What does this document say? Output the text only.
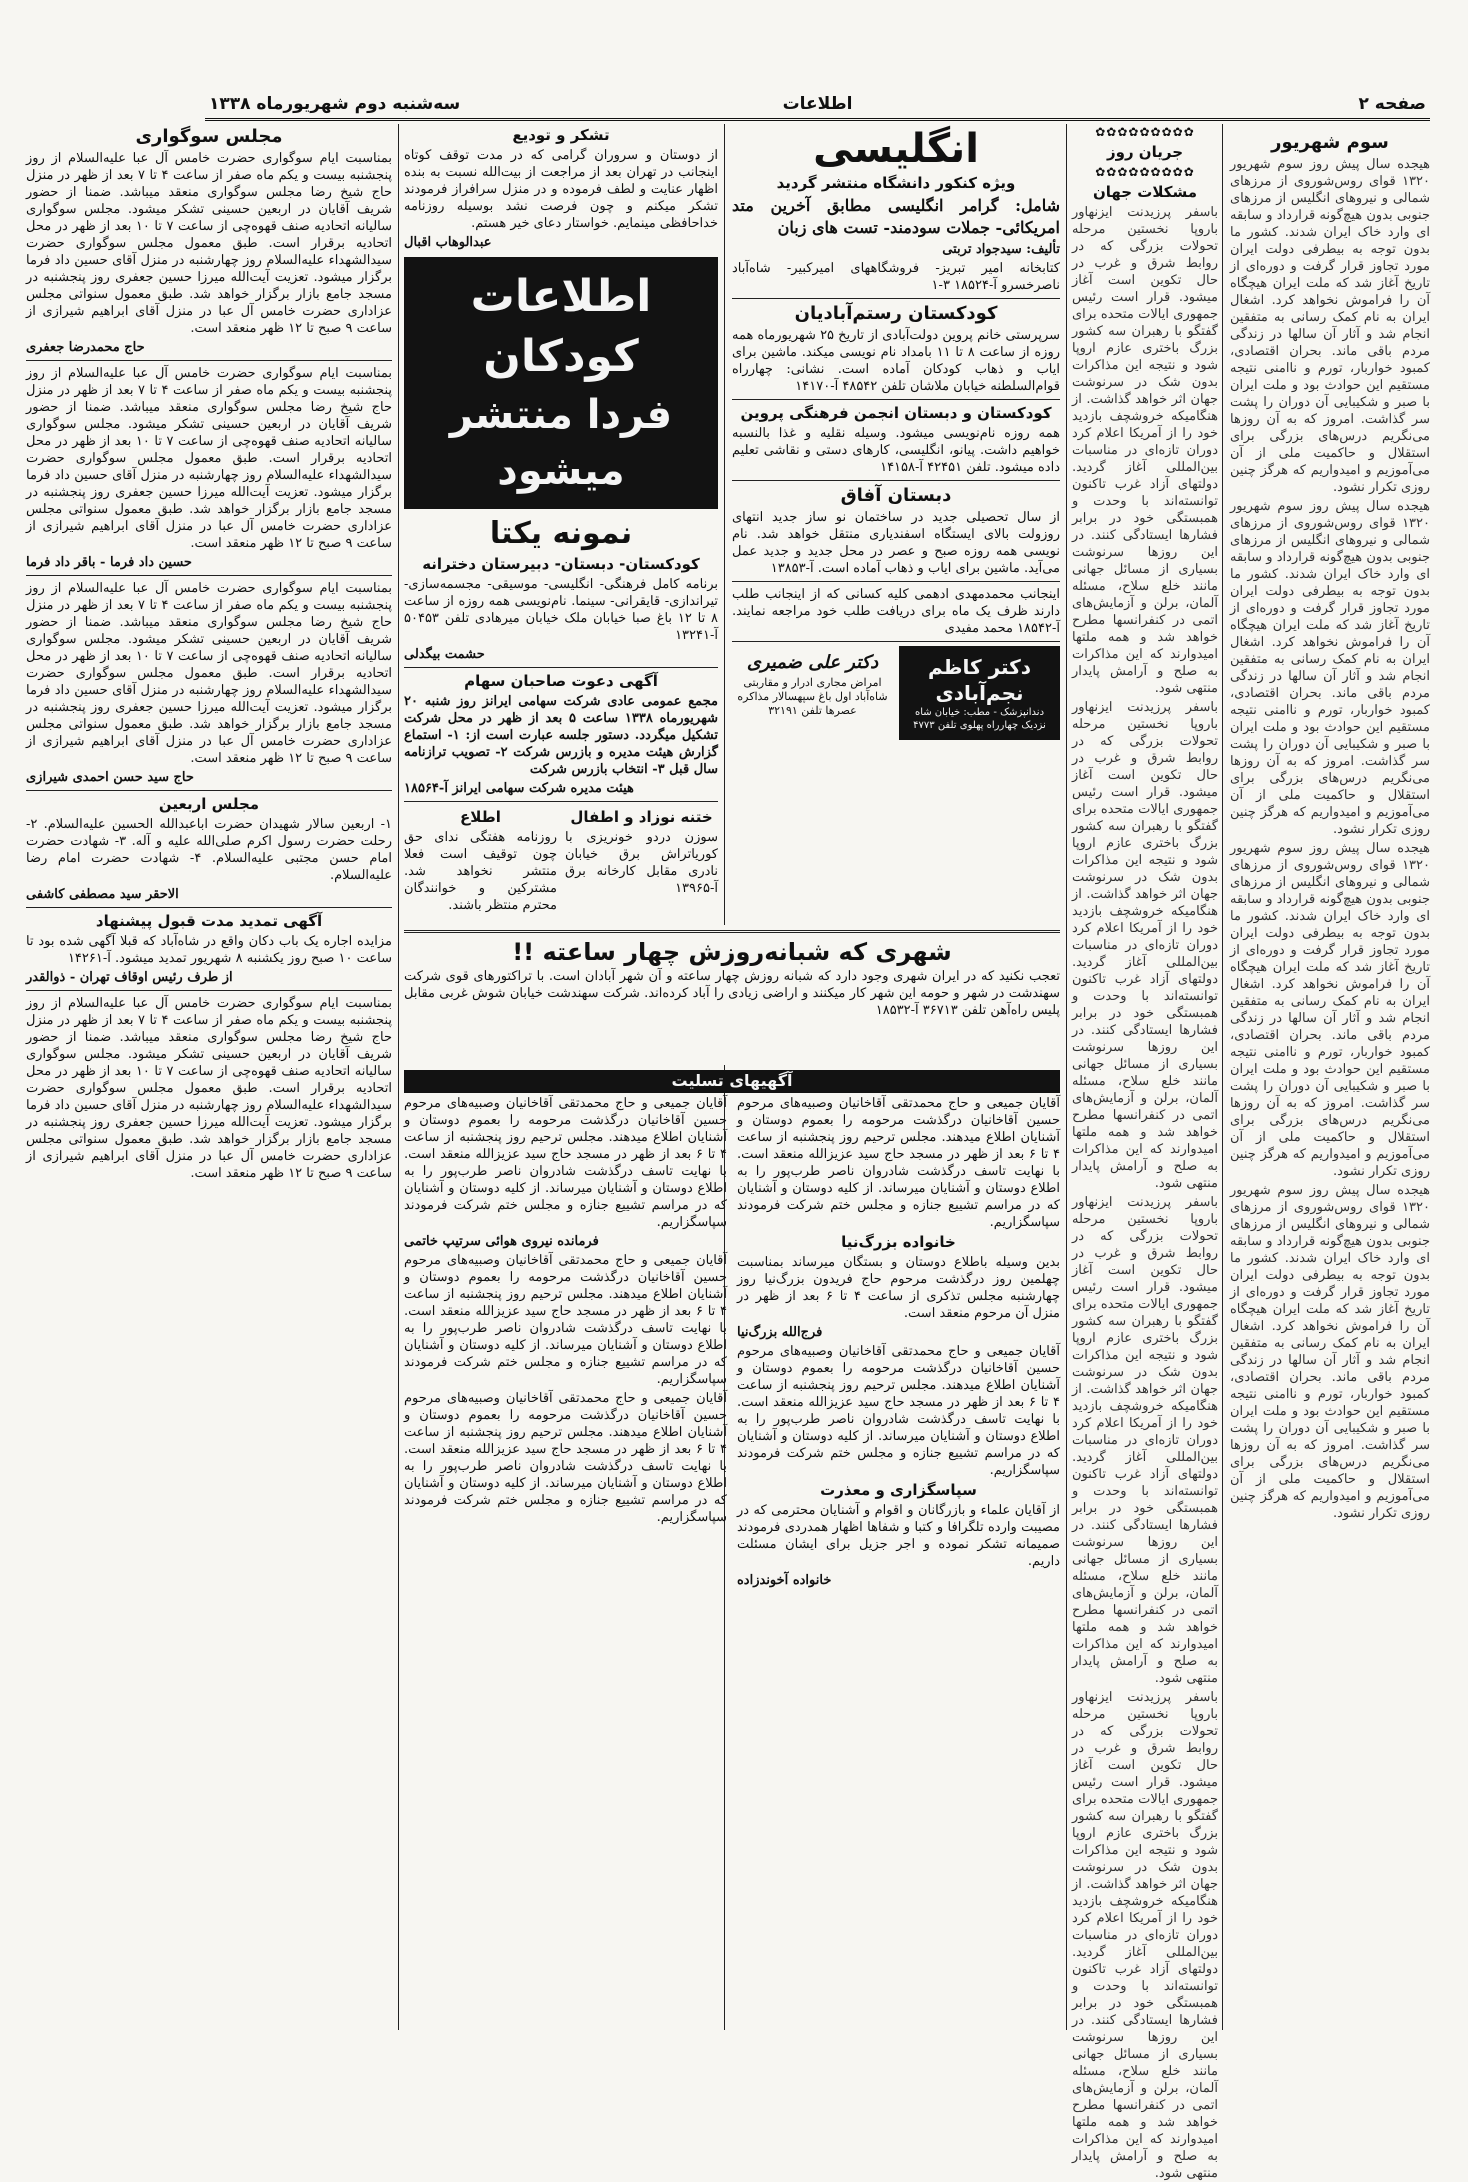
صفحه ۲
اطلاعات
سه‌شنبه دوم شهریورماه ۱۳۳۸
سوم شهریور

هیجده سال پیش روز سوم شهریور ۱۳۲۰ قوای روس‌شوروی از مرزهای شمالی و نیروهای انگلیس از مرزهای جنوبی بدون هیچ‌گونه قرارداد و سابقه ای وارد خاک ایران شدند. کشور ما بدون توجه به بیطرفی دولت ایران مورد تجاوز قرار گرفت و دوره‌ای از تاریخ آغاز شد که ملت ایران هیچگاه آن را فراموش نخواهد کرد. اشغال ایران به نام کمک رسانی به متفقین انجام شد و آثار آن سالها در زندگی مردم باقی ماند. بحران اقتصادی، کمبود خواربار، تورم و ناامنی نتیجه مستقیم این حوادث بود و ملت ایران با صبر و شکیبایی آن دوران را پشت سر گذاشت. امروز که به آن روزها می‌نگریم درس‌های بزرگی برای استقلال و حاکمیت ملی از آن می‌آموزیم و امیدواریم که هرگز چنین روزی تکرار نشود.

هیجده سال پیش روز سوم شهریور ۱۳۲۰ قوای روس‌شوروی از مرزهای شمالی و نیروهای انگلیس از مرزهای جنوبی بدون هیچ‌گونه قرارداد و سابقه ای وارد خاک ایران شدند. کشور ما بدون توجه به بیطرفی دولت ایران مورد تجاوز قرار گرفت و دوره‌ای از تاریخ آغاز شد که ملت ایران هیچگاه آن را فراموش نخواهد کرد. اشغال ایران به نام کمک رسانی به متفقین انجام شد و آثار آن سالها در زندگی مردم باقی ماند. بحران اقتصادی، کمبود خواربار، تورم و ناامنی نتیجه مستقیم این حوادث بود و ملت ایران با صبر و شکیبایی آن دوران را پشت سر گذاشت. امروز که به آن روزها می‌نگریم درس‌های بزرگی برای استقلال و حاکمیت ملی از آن می‌آموزیم و امیدواریم که هرگز چنین روزی تکرار نشود.

هیجده سال پیش روز سوم شهریور ۱۳۲۰ قوای روس‌شوروی از مرزهای شمالی و نیروهای انگلیس از مرزهای جنوبی بدون هیچ‌گونه قرارداد و سابقه ای وارد خاک ایران شدند. کشور ما بدون توجه به بیطرفی دولت ایران مورد تجاوز قرار گرفت و دوره‌ای از تاریخ آغاز شد که ملت ایران هیچگاه آن را فراموش نخواهد کرد. اشغال ایران به نام کمک رسانی به متفقین انجام شد و آثار آن سالها در زندگی مردم باقی ماند. بحران اقتصادی، کمبود خواربار، تورم و ناامنی نتیجه مستقیم این حوادث بود و ملت ایران با صبر و شکیبایی آن دوران را پشت سر گذاشت. امروز که به آن روزها می‌نگریم درس‌های بزرگی برای استقلال و حاکمیت ملی از آن می‌آموزیم و امیدواریم که هرگز چنین روزی تکرار نشود.

هیجده سال پیش روز سوم شهریور ۱۳۲۰ قوای روس‌شوروی از مرزهای شمالی و نیروهای انگلیس از مرزهای جنوبی بدون هیچ‌گونه قرارداد و سابقه ای وارد خاک ایران شدند. کشور ما بدون توجه به بیطرفی دولت ایران مورد تجاوز قرار گرفت و دوره‌ای از تاریخ آغاز شد که ملت ایران هیچگاه آن را فراموش نخواهد کرد. اشغال ایران به نام کمک رسانی به متفقین انجام شد و آثار آن سالها در زندگی مردم باقی ماند. بحران اقتصادی، کمبود خواربار، تورم و ناامنی نتیجه مستقیم این حوادث بود و ملت ایران با صبر و شکیبایی آن دوران را پشت سر گذاشت. امروز که به آن روزها می‌نگریم درس‌های بزرگی برای استقلال و حاکمیت ملی از آن می‌آموزیم و امیدواریم که هرگز چنین روزی تکرار نشود.

✿✿✿✿✿✿✿✿✿
جریان روز
✿✿✿✿✿✿✿✿✿
مشکلات جهان

باسفر پرزیدنت ایزنهاور باروپا نخستین مرحله تحولات بزرگی که در روابط شرق و غرب در حال تکوین است آغاز میشود. قرار است رئیس جمهوری ایالات متحده برای گفتگو با رهبران سه کشور بزرگ باختری عازم اروپا شود و نتیجه این مذاکرات بدون شک در سرنوشت جهان اثر خواهد گذاشت. از هنگامیکه خروشچف بازدید خود را از آمریکا اعلام کرد دوران تازه‌ای در مناسبات بین‌المللی آغاز گردید. دولتهای آزاد غرب تاکنون توانسته‌اند با وحدت و همبستگی خود در برابر فشارها ایستادگی کنند. در این روزها سرنوشت بسیاری از مسائل جهانی مانند خلع سلاح، مسئله آلمان، برلن و آزمایش‌های اتمی در کنفرانسها مطرح خواهد شد و همه ملتها امیدوارند که این مذاکرات به صلح و آرامش پایدار منتهی شود.

باسفر پرزیدنت ایزنهاور باروپا نخستین مرحله تحولات بزرگی که در روابط شرق و غرب در حال تکوین است آغاز میشود. قرار است رئیس جمهوری ایالات متحده برای گفتگو با رهبران سه کشور بزرگ باختری عازم اروپا شود و نتیجه این مذاکرات بدون شک در سرنوشت جهان اثر خواهد گذاشت. از هنگامیکه خروشچف بازدید خود را از آمریکا اعلام کرد دوران تازه‌ای در مناسبات بین‌المللی آغاز گردید. دولتهای آزاد غرب تاکنون توانسته‌اند با وحدت و همبستگی خود در برابر فشارها ایستادگی کنند. در این روزها سرنوشت بسیاری از مسائل جهانی مانند خلع سلاح، مسئله آلمان، برلن و آزمایش‌های اتمی در کنفرانسها مطرح خواهد شد و همه ملتها امیدوارند که این مذاکرات به صلح و آرامش پایدار منتهی شود.

باسفر پرزیدنت ایزنهاور باروپا نخستین مرحله تحولات بزرگی که در روابط شرق و غرب در حال تکوین است آغاز میشود. قرار است رئیس جمهوری ایالات متحده برای گفتگو با رهبران سه کشور بزرگ باختری عازم اروپا شود و نتیجه این مذاکرات بدون شک در سرنوشت جهان اثر خواهد گذاشت. از هنگامیکه خروشچف بازدید خود را از آمریکا اعلام کرد دوران تازه‌ای در مناسبات بین‌المللی آغاز گردید. دولتهای آزاد غرب تاکنون توانسته‌اند با وحدت و همبستگی خود در برابر فشارها ایستادگی کنند. در این روزها سرنوشت بسیاری از مسائل جهانی مانند خلع سلاح، مسئله آلمان، برلن و آزمایش‌های اتمی در کنفرانسها مطرح خواهد شد و همه ملتها امیدوارند که این مذاکرات به صلح و آرامش پایدار منتهی شود.

باسفر پرزیدنت ایزنهاور باروپا نخستین مرحله تحولات بزرگی که در روابط شرق و غرب در حال تکوین است آغاز میشود. قرار است رئیس جمهوری ایالات متحده برای گفتگو با رهبران سه کشور بزرگ باختری عازم اروپا شود و نتیجه این مذاکرات بدون شک در سرنوشت جهان اثر خواهد گذاشت. از هنگامیکه خروشچف بازدید خود را از آمریکا اعلام کرد دوران تازه‌ای در مناسبات بین‌المللی آغاز گردید. دولتهای آزاد غرب تاکنون توانسته‌اند با وحدت و همبستگی خود در برابر فشارها ایستادگی کنند. در این روزها سرنوشت بسیاری از مسائل جهانی مانند خلع سلاح، مسئله آلمان، برلن و آزمایش‌های اتمی در کنفرانسها مطرح خواهد شد و همه ملتها امیدوارند که این مذاکرات به صلح و آرامش پایدار منتهی شود.

انگلیسی
ویژه کنکور دانشگاه منتشر گردید

شامل: گرامر انگلیسی مطابق آخرین متد امریکائی- جملات سودمند- تست های زبان

تألیف: سیدجواد تربتی

کتابخانه امیر تبریز- فروشگاههای امیرکبیر- شاه‌آباد ناصرخسرو آ-۱۸۵۲۴ ۳-۱

کودکستان رستم‌آبادیان

سرپرستی خانم پروین دولت‌آبادی از تاریخ ۲۵ شهریورماه همه روزه از ساعت ۸ تا ۱۱ بامداد نام نویسی میکند. ماشین برای ایاب و ذهاب کودکان آماده است. نشانی: چهارراه قوام‌السلطنه خیابان ملاشان تلفن ۴۸۵۴۲ آ-۱۴۱۷۰

کودکستان و دبستان انجمن فرهنگی پروین

همه روزه نام‌نویسی میشود. وسیله نقلیه و غذا بالنسبه خواهیم داشت. پیانو، انگلیسی، کارهای دستی و نقاشی تعلیم داده میشود. تلفن ۴۲۴۵۱ آ-۱۴۱۵۸

دبستان آفاق

از سال تحصیلی جدید در ساختمان نو ساز جدید انتهای روزولت بالای ایستگاه اسفندیاری منتقل خواهد شد. نام نویسی همه روزه صبح و عصر در محل جدید و جدید عمل می‌آید. ماشین برای ایاب و ذهاب آماده است. آ-۱۳۸۵۳

اینجانب محمدمهدی ادهمی کلیه کسانی که از اینجانب طلب دارند ظرف یک ماه برای دریافت طلب خود مراجعه نمایند. آ-۱۸۵۴۲ محمد مفیدی

دکتر کاظم نجم‌آبادی
دندانپزشک - مطب: خیابان شاه نزدیک چهارراه پهلوی تلفن ۴۷۷۳
دکتر علی ضمیری
امراض مجاری ادرار و مقاربتی شاه‌آباد اول باغ سپهسالار مذاکره عصرها تلفن ۳۲۱۹۱
تشکر و تودیع

از دوستان و سروران گرامی که در مدت توقف کوتاه اینجانب در تهران بعد از مراجعت از بیت‌الله نسبت به بنده اظهار عنایت و لطف فرموده و در منزل سرافراز فرمودند تشکر میکنم و چون فرصت نشد بوسیله روزنامه خداحافظی مینمایم. خواستار دعای خیر هستم.

عبدالوهاب اقبال

اطلاعات کودکان
فردا منتشر میشود
نمونه یکتا
کودکستان- دبستان- دبیرستان دخترانه

برنامه کامل فرهنگی- انگلیسی- موسیقی- مجسمه‌سازی- تیراندازی- قایقرانی- سینما. نام‌نویسی همه روزه از ساعت ۸ تا ۱۲ باغ صبا خیابان ملک خیابان میرهادی تلفن ۵۰۴۵۳ آ-۱۳۲۴۱

حشمت بیگدلی

آگهی دعوت صاحبان سهام

مجمع عمومی عادی شرکت سهامی ایرانز روز شنبه ۲۰ شهریورماه ۱۳۳۸ ساعت ۵ بعد از ظهر در محل شرکت تشکیل میگردد. دستور جلسه عبارت است از: ۱- استماع گزارش هیئت مدیره و بازرس شرکت ۲- تصویب ترازنامه سال قبل ۳- انتخاب بازرس شرکت

هیئت مدیره شرکت سهامی ایرانز آ-۱۸۵۶۴

ختنه نوزاد و اطفال

سوزن دردو خونریزی با کوریاتراش برق خیابان نادری مقابل کارخانه برق آ-۱۳۹۶۵

اطلاع

روزنامه هفتگی ندای حق چون توقیف است فعلا منتشر نخواهد شد. مشترکین و خوانندگان محترم منتظر باشند.

شهری که شبانه‌روزش چهار ساعته !!

تعجب نکنید که در ایران شهری وجود دارد که شبانه روزش چهار ساعته و آن شهر آبادان است. با تراکتورهای قوی شرکت سهندشت در شهر و حومه این شهر کار میکنند و اراضی زیادی را آباد کرده‌اند. شرکت سهندشت خیابان شوش غربی مقابل پلیس راه‌آهن تلفن ۳۶۷۱۳ آ-۱۸۵۳۲

آگهیهای تسلیت

آقایان جمیعی و حاج محمدتقی آقاخانیان وصبیه‌های مرحوم حسین آقاخانیان درگذشت مرحومه را بعموم دوستان و آشنایان اطلاع میدهند. مجلس ترحیم روز پنجشنبه از ساعت ۴ تا ۶ بعد از ظهر در مسجد حاج سید عزیزالله منعقد است. با نهایت تاسف درگذشت شادروان ناصر طرب‌پور را به اطلاع دوستان و آشنایان میرساند. از کلیه دوستان و آشنایان که در مراسم تشییع جنازه و مجلس ختم شرکت فرمودند سپاسگزاریم.

خانواده بزرگ‌نیا

بدین وسیله باطلاع دوستان و بستگان میرساند بمناسبت چهلمین روز درگذشت مرحوم حاج فریدون بزرگ‌نیا روز چهارشنبه مجلس تذکری از ساعت ۴ تا ۶ بعد از ظهر در منزل آن مرحوم منعقد است.

فرج‌الله بزرگ‌نیا

آقایان جمیعی و حاج محمدتقی آقاخانیان وصبیه‌های مرحوم حسین آقاخانیان درگذشت مرحومه را بعموم دوستان و آشنایان اطلاع میدهند. مجلس ترحیم روز پنجشنبه از ساعت ۴ تا ۶ بعد از ظهر در مسجد حاج سید عزیزالله منعقد است. با نهایت تاسف درگذشت شادروان ناصر طرب‌پور را به اطلاع دوستان و آشنایان میرساند. از کلیه دوستان و آشنایان که در مراسم تشییع جنازه و مجلس ختم شرکت فرمودند سپاسگزاریم.

سپاسگزاری و معذرت

از آقایان علماء و بازرگانان و اقوام و آشنایان محترمی که در مصیبت وارده تلگرافا و کتبا و شفاها اظهار همدردی فرمودند صمیمانه تشکر نموده و اجر جزیل برای ایشان مسئلت داریم.

خانواده آخوندزاده

آقایان جمیعی و حاج محمدتقی آقاخانیان وصبیه‌های مرحوم حسین آقاخانیان درگذشت مرحومه را بعموم دوستان و آشنایان اطلاع میدهند. مجلس ترحیم روز پنجشنبه از ساعت ۴ تا ۶ بعد از ظهر در مسجد حاج سید عزیزالله منعقد است. با نهایت تاسف درگذشت شادروان ناصر طرب‌پور را به اطلاع دوستان و آشنایان میرساند. از کلیه دوستان و آشنایان که در مراسم تشییع جنازه و مجلس ختم شرکت فرمودند سپاسگزاریم.

فرمانده نیروی هوائی سرتیپ خاتمی

آقایان جمیعی و حاج محمدتقی آقاخانیان وصبیه‌های مرحوم حسین آقاخانیان درگذشت مرحومه را بعموم دوستان و آشنایان اطلاع میدهند. مجلس ترحیم روز پنجشنبه از ساعت ۴ تا ۶ بعد از ظهر در مسجد حاج سید عزیزالله منعقد است. با نهایت تاسف درگذشت شادروان ناصر طرب‌پور را به اطلاع دوستان و آشنایان میرساند. از کلیه دوستان و آشنایان که در مراسم تشییع جنازه و مجلس ختم شرکت فرمودند سپاسگزاریم.

آقایان جمیعی و حاج محمدتقی آقاخانیان وصبیه‌های مرحوم حسین آقاخانیان درگذشت مرحومه را بعموم دوستان و آشنایان اطلاع میدهند. مجلس ترحیم روز پنجشنبه از ساعت ۴ تا ۶ بعد از ظهر در مسجد حاج سید عزیزالله منعقد است. با نهایت تاسف درگذشت شادروان ناصر طرب‌پور را به اطلاع دوستان و آشنایان میرساند. از کلیه دوستان و آشنایان که در مراسم تشییع جنازه و مجلس ختم شرکت فرمودند سپاسگزاریم.

مجلس سوگواری

بمناسبت ایام سوگواری حضرت خامس آل عبا علیه‌السلام از روز پنجشنبه بیست و یکم ماه صفر از ساعت ۴ تا ۷ بعد از ظهر در منزل حاج شیخ رضا مجلس سوگواری منعقد میباشد. ضمنا از حضور شریف آقایان در اربعین حسینی تشکر میشود. مجلس سوگواری سالیانه اتحادیه صنف قهوه‌چی از ساعت ۷ تا ۱۰ بعد از ظهر در محل اتحادیه برقرار است. طبق معمول مجلس سوگواری حضرت سیدالشهداء علیه‌السلام روز چهارشنبه در منزل آقای حسین داد فرما برگزار میشود. تعزیت آیت‌الله میرزا حسین جعفری روز پنجشنبه در مسجد جامع بازار برگزار خواهد شد. طبق معمول سنواتی مجلس عزاداری حضرت خامس آل عبا در منزل آقای ابراهیم شیرازی از ساعت ۹ صبح تا ۱۲ ظهر منعقد است.

حاج محمدرضا جعفری

بمناسبت ایام سوگواری حضرت خامس آل عبا علیه‌السلام از روز پنجشنبه بیست و یکم ماه صفر از ساعت ۴ تا ۷ بعد از ظهر در منزل حاج شیخ رضا مجلس سوگواری منعقد میباشد. ضمنا از حضور شریف آقایان در اربعین حسینی تشکر میشود. مجلس سوگواری سالیانه اتحادیه صنف قهوه‌چی از ساعت ۷ تا ۱۰ بعد از ظهر در محل اتحادیه برقرار است. طبق معمول مجلس سوگواری حضرت سیدالشهداء علیه‌السلام روز چهارشنبه در منزل آقای حسین داد فرما برگزار میشود. تعزیت آیت‌الله میرزا حسین جعفری روز پنجشنبه در مسجد جامع بازار برگزار خواهد شد. طبق معمول سنواتی مجلس عزاداری حضرت خامس آل عبا در منزل آقای ابراهیم شیرازی از ساعت ۹ صبح تا ۱۲ ظهر منعقد است.

حسین داد فرما - باقر داد فرما

بمناسبت ایام سوگواری حضرت خامس آل عبا علیه‌السلام از روز پنجشنبه بیست و یکم ماه صفر از ساعت ۴ تا ۷ بعد از ظهر در منزل حاج شیخ رضا مجلس سوگواری منعقد میباشد. ضمنا از حضور شریف آقایان در اربعین حسینی تشکر میشود. مجلس سوگواری سالیانه اتحادیه صنف قهوه‌چی از ساعت ۷ تا ۱۰ بعد از ظهر در محل اتحادیه برقرار است. طبق معمول مجلس سوگواری حضرت سیدالشهداء علیه‌السلام روز چهارشنبه در منزل آقای حسین داد فرما برگزار میشود. تعزیت آیت‌الله میرزا حسین جعفری روز پنجشنبه در مسجد جامع بازار برگزار خواهد شد. طبق معمول سنواتی مجلس عزاداری حضرت خامس آل عبا در منزل آقای ابراهیم شیرازی از ساعت ۹ صبح تا ۱۲ ظهر منعقد است.

حاج سید حسن احمدی شیرازی

مجلس اربعین

۱- اربعین سالار شهیدان حضرت اباعبدالله الحسین علیه‌السلام. ۲- رحلت حضرت رسول اکرم صلی‌الله علیه و آله. ۳- شهادت حضرت امام حسن مجتبی علیه‌السلام. ۴- شهادت حضرت امام رضا علیه‌السلام.

الاحقر سید مصطفی کاشفی

آگهی تمدید مدت قبول پیشنهاد

مزایده اجاره یک باب دکان واقع در شاه‌آباد که قبلا آگهی شده بود تا ساعت ۱۰ صبح روز یکشنبه ۸ شهریور تمدید میشود. آ-۱۴۲۶۱

از طرف رئیس اوقاف تهران - ذوالقدر

بمناسبت ایام سوگواری حضرت خامس آل عبا علیه‌السلام از روز پنجشنبه بیست و یکم ماه صفر از ساعت ۴ تا ۷ بعد از ظهر در منزل حاج شیخ رضا مجلس سوگواری منعقد میباشد. ضمنا از حضور شریف آقایان در اربعین حسینی تشکر میشود. مجلس سوگواری سالیانه اتحادیه صنف قهوه‌چی از ساعت ۷ تا ۱۰ بعد از ظهر در محل اتحادیه برقرار است. طبق معمول مجلس سوگواری حضرت سیدالشهداء علیه‌السلام روز چهارشنبه در منزل آقای حسین داد فرما برگزار میشود. تعزیت آیت‌الله میرزا حسین جعفری روز پنجشنبه در مسجد جامع بازار برگزار خواهد شد. طبق معمول سنواتی مجلس عزاداری حضرت خامس آل عبا در منزل آقای ابراهیم شیرازی از ساعت ۹ صبح تا ۱۲ ظهر منعقد است.
